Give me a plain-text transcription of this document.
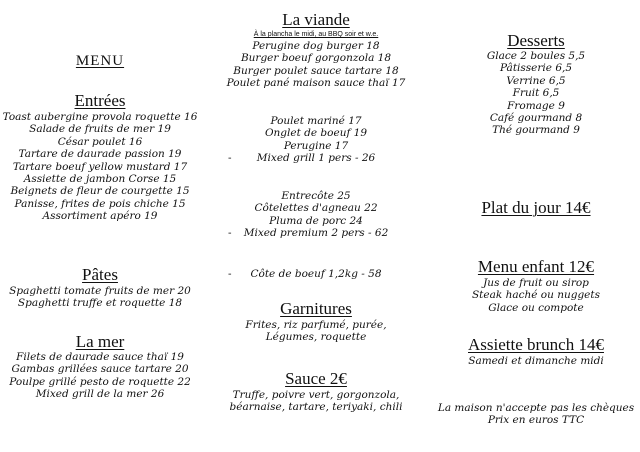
MENU
Entrées
Toast aubergine provola roquette 16
Salade de fruits de mer 19
César poulet 16
Tartare de daurade passion 19
Tartare boeuf yellow mustard 17
Assiette de jambon Corse 15
Beignets de fleur de courgette 15
Panisse, frites de pois chiche 15
Assortiment apéro 19
Pâtes
Spaghetti tomate fruits de mer 20
Spaghetti truffe et roquette 18
La mer
Filets de daurade sauce thaï 19
Gambas grillées sauce tartare 20
Poulpe grillé pesto de roquette 22
Mixed grill de la mer 26
La viande
À la plancha le midi, au BBQ soir et w.e.
Perugine dog burger 18
Burger boeuf gorgonzola 18
Burger poulet sauce tartare 18
Poulet pané maison sauce thaï 17
Poulet mariné 17
Onglet de boeuf 19
Perugine 17
- Mixed grill 1 pers - 26
Entrecôte 25
Côtelettes d'agneau 22
Pluma de porc 24
- Mixed premium 2 pers - 62
- Côte de boeuf 1,2kg - 58
Garnitures
Frites, riz parfumé, purée,
Légumes, roquette
Sauce 2€
Truffe, poivre vert, gorgonzola,
béarnaise, tartare, teriyaki, chili
Desserts
Glace 2 boules 5,5
Pâtisserie 6,5
Verrine 6,5
Fruit 6,5
Fromage 9
Café gourmand 8
Thé gourmand 9
Plat du jour 14€
Menu enfant 12€
Jus de fruit ou sirop
Steak haché ou nuggets
Glace ou compote
Assiette brunch 14€
Samedi et dimanche midi
La maison n'accepte pas les chèques
Prix en euros TTC
